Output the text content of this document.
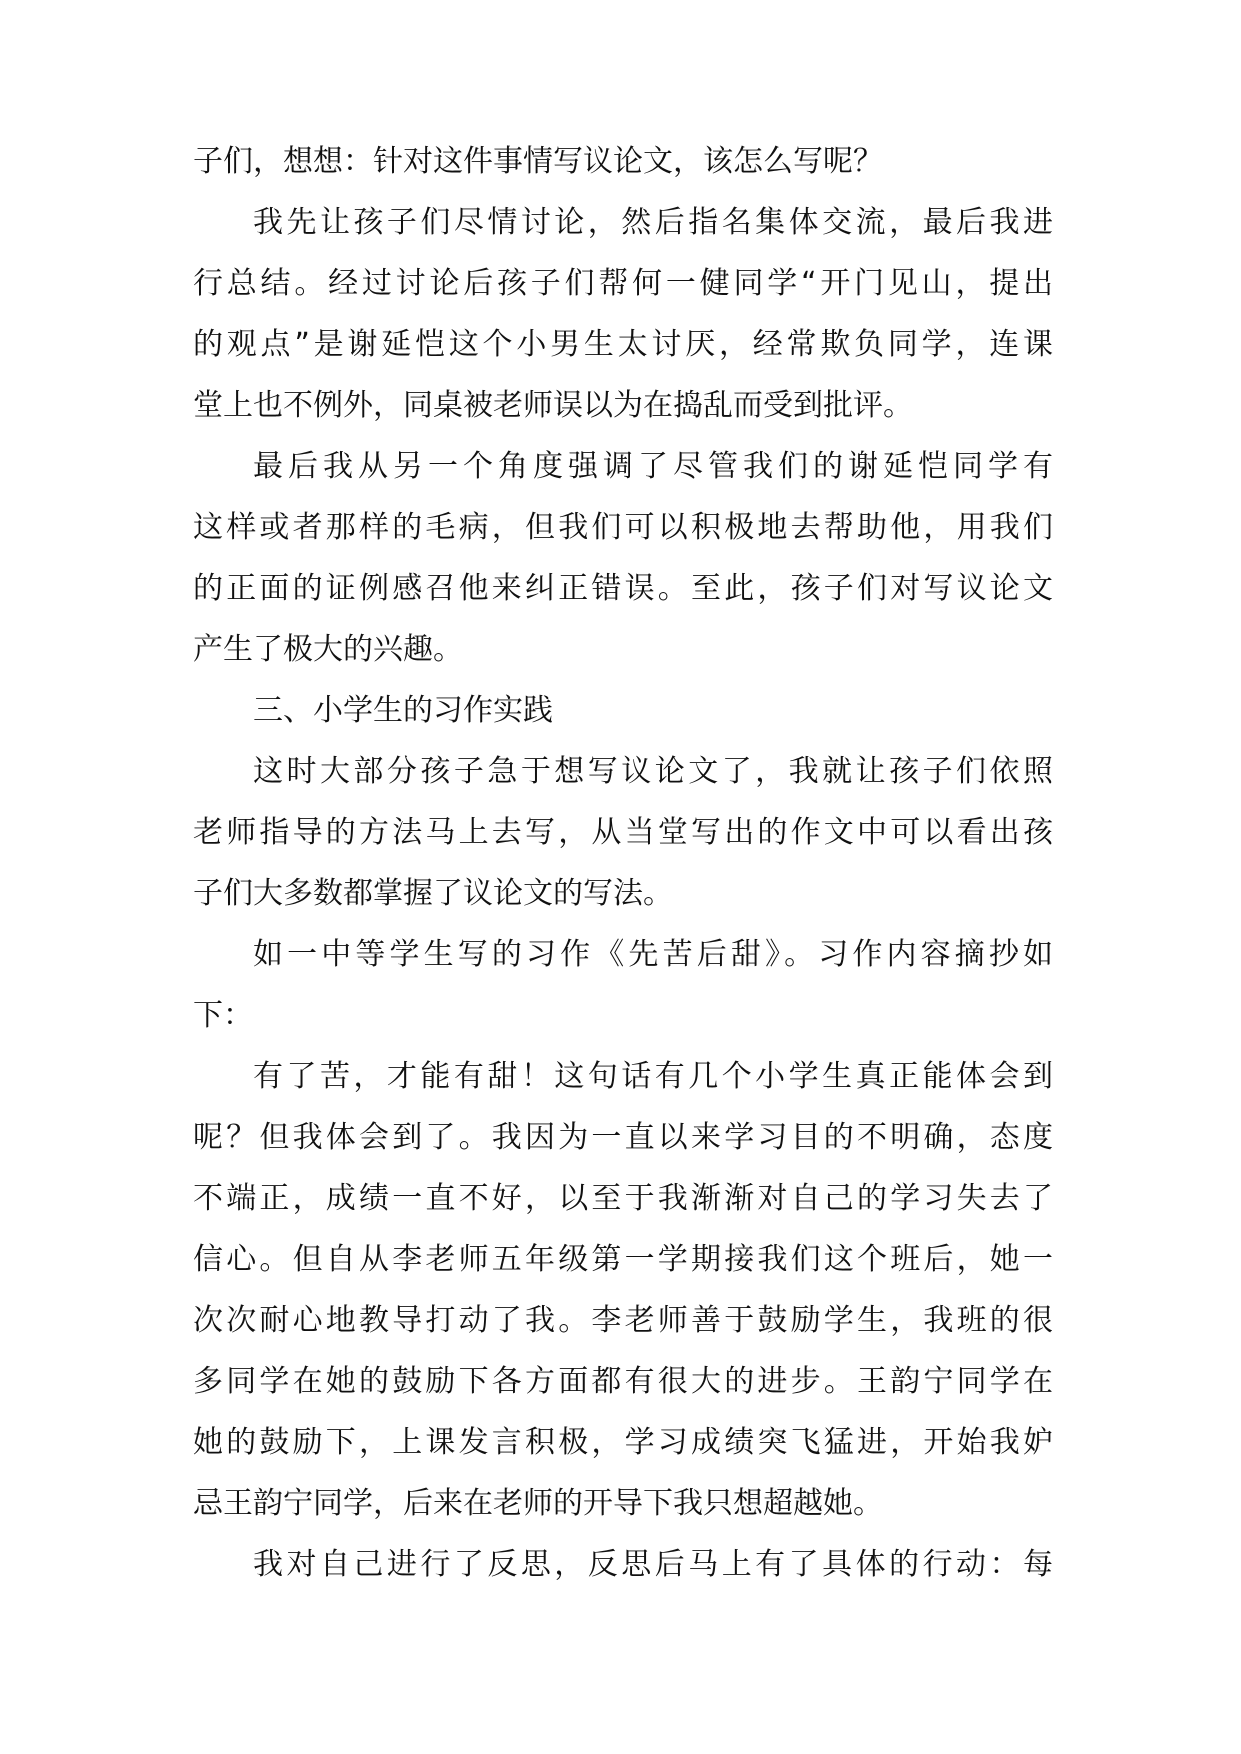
子们，想想：针对这件事情写议论文，该怎么写呢？

我先让孩子们尽情讨论，然后指名集体交流，最后我进

行总结。经过讨论后孩子们帮何一健同学“开门见山，提出

的观点”是谢延恺这个小男生太讨厌，经常欺负同学，连课

堂上也不例外，同桌被老师误以为在捣乱而受到批评。

最后我从另一个角度强调了尽管我们的谢延恺同学有

这样或者那样的毛病，但我们可以积极地去帮助他，用我们

的正面的证例感召他来纠正错误。至此，孩子们对写议论文

产生了极大的兴趣。

三、小学生的习作实践

这时大部分孩子急于想写议论文了，我就让孩子们依照

老师指导的方法马上去写，从当堂写出的作文中可以看出孩

子们大多数都掌握了议论文的写法。

如一中等学生写的习作《先苦后甜》。习作内容摘抄如

下：

有了苦，才能有甜！这句话有几个小学生真正能体会到

呢？但我体会到了。我因为一直以来学习目的不明确，态度

不端正，成绩一直不好，以至于我渐渐对自己的学习失去了

信心。但自从李老师五年级第一学期接我们这个班后，她一

次次耐心地教导打动了我。李老师善于鼓励学生，我班的很

多同学在她的鼓励下各方面都有很大的进步。王韵宁同学在

她的鼓励下，上课发言积极，学习成绩突飞猛进，开始我妒

忌王韵宁同学，后来在老师的开导下我只想超越她。

我对自己进行了反思，反思后马上有了具体的行动：每
